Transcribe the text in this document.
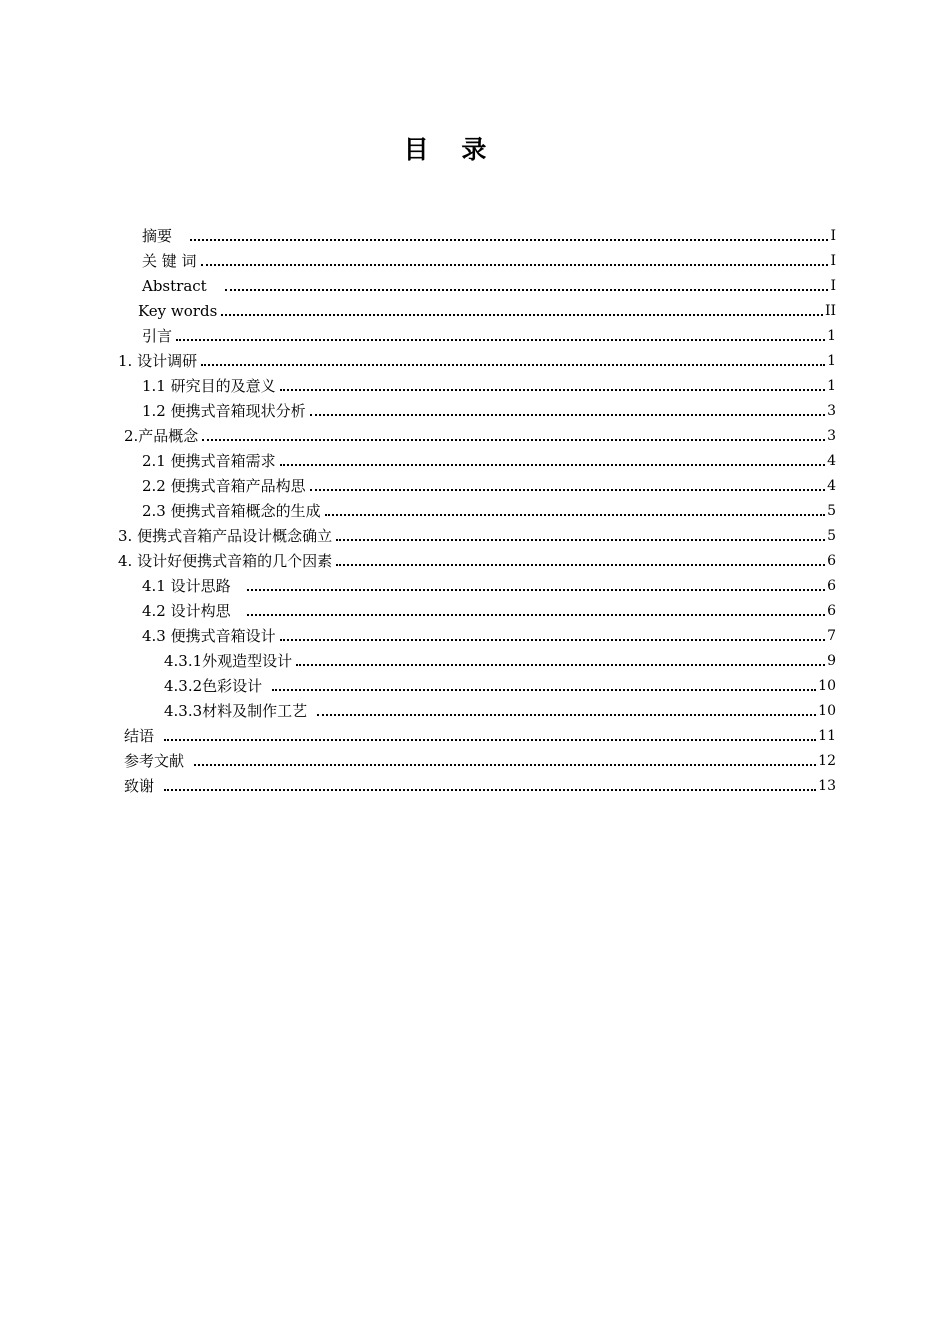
目 录
摘要	I
关 键 词	I
Abstract	I
Key words	II
引言	1
1. 设计调研	1
1.1 研究目的及意义	1
1.2 便携式音箱现状分析	3
2.产品概念	3
2.1 便携式音箱需求	4
2.2 便携式音箱产品构思	4
2.3 便携式音箱概念的生成	5
3. 便携式音箱产品设计概念确立	5
4. 设计好便携式音箱的几个因素	6
4.1 设计思路	6
4.2 设计构思	6
4.3 便携式音箱设计	7
4.3.1外观造型设计	9
4.3.2色彩设计	10
4.3.3材料及制作工艺	10
结语	11
参考文献	12
致谢	13
